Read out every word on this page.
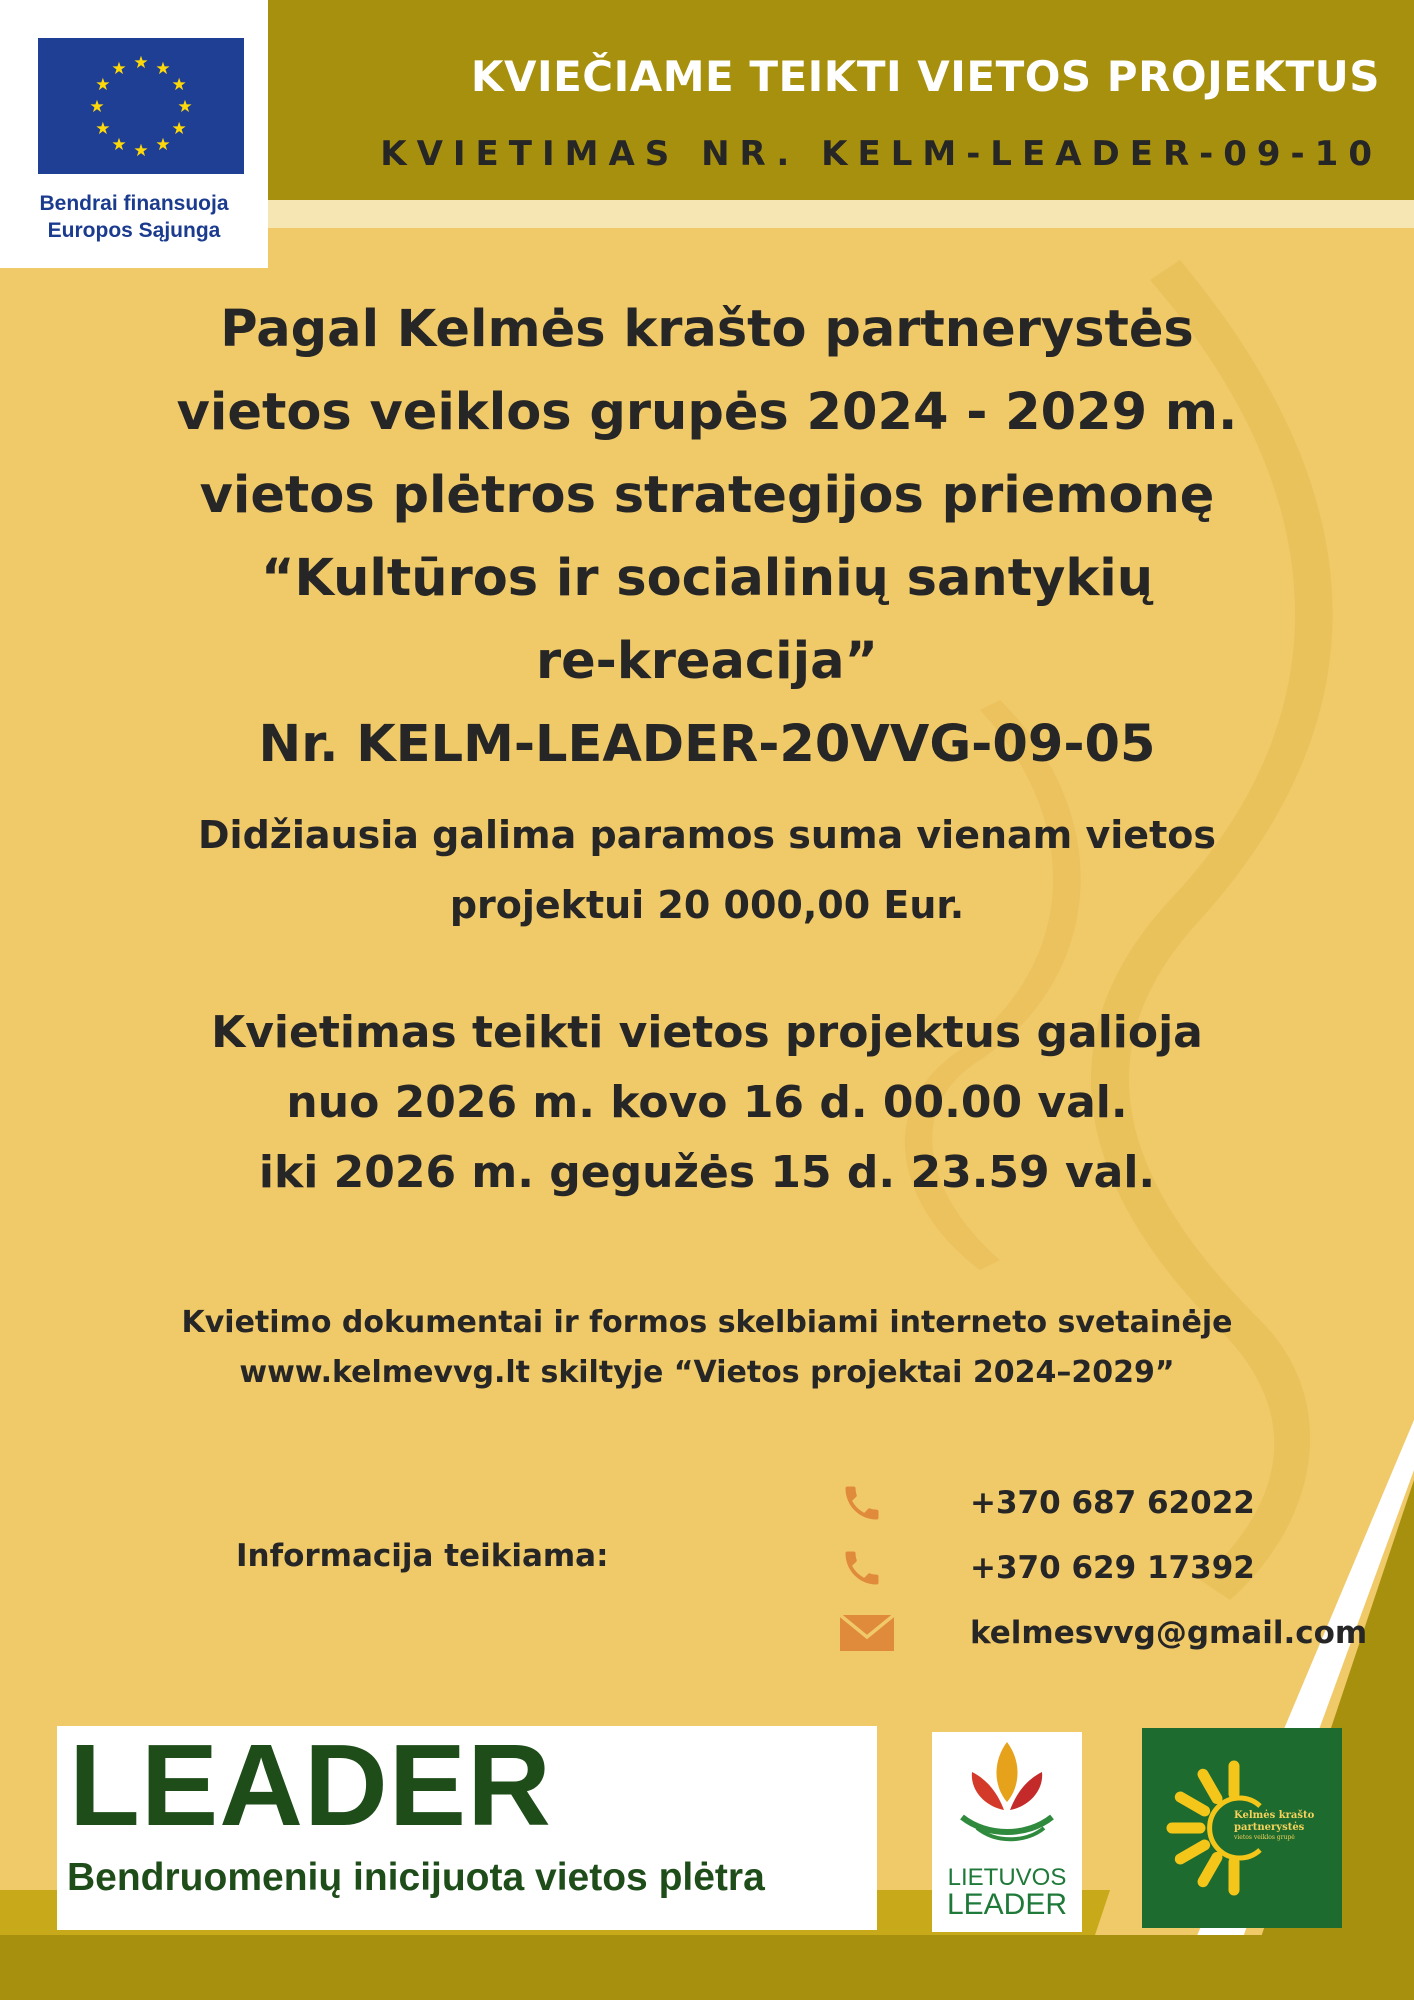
★ ★
★
★
★
★
★
★
★
★
★
★
Bendrai finansuoja
Europos Sąjunga
KVIEČIAME TEIKTI VIETOS PROJEKTUS
KVIETIMAS NR. KELM-LEADER-09-10
Pagal Kelmės krašto partnerystės
vietos veiklos grupės 2024 - 2029 m.
vietos plėtros strategijos priemonę
“Kultūros ir socialinių santykių
re-kreacija”
Nr. KELM-LEADER-20VVG-09-05
Didžiausia galima paramos suma vienam vietos
projektui 20 000,00 Eur.
Kvietimas teikti vietos projektus galioja
nuo 2026 m. kovo 16 d. 00.00 val.
iki 2026 m. gegužės 15 d. 23.59 val.
Kvietimo dokumentai ir formos skelbiami interneto svetainėje
www.kelmevvg.lt skiltyje “Vietos projektai 2024–2029”
Informacija teikiama:
+370 687 62022
+370 629 17392
kelmesvvg@gmail.com
LEADER
Bendruomenių inicijuota vietos plėtra	LIETUVOS
LEADER
Kelmės krašto
partnerystės
vietos veiklos grupė
